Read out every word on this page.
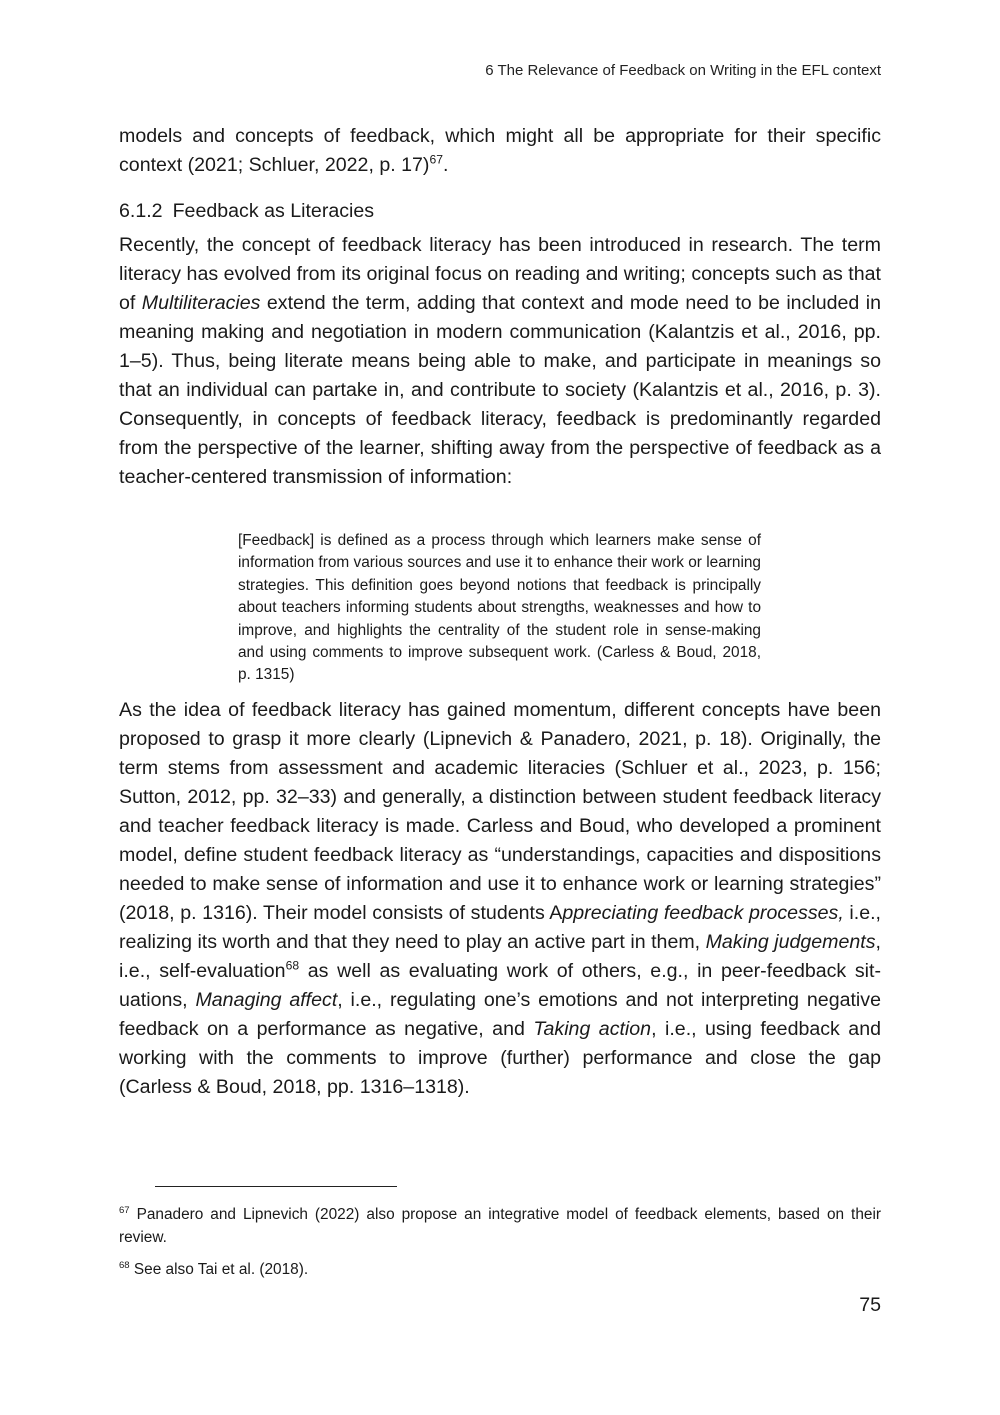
6 The Relevance of Feedback on Writing in the EFL context

models and concepts of feedback, which might all be appropriate for their specific context (2021; Schluer, 2022, p. 17)$^{67}$.

6.1.2 Feedback as Literacies

Recently, the concept of feedback literacy has been introduced in research. The term literacy has evolved from its original focus on reading and writing; concepts such as that of Multiliteracies extend the term, adding that context and mode need to be included in meaning making and negotiation in modern communication (Kalantzis et al., 2016, pp. 1–5). Thus, being literate means being able to make, and participate in meanings so that an individual can partake in, and contribute to society (Kalantzis et al., 2016, p. 3). Consequently, in concepts of feedback literacy, feedback is predominantly regarded from the perspective of the learner, shifting away from the perspective of feedback as a teacher-centered transmission of information:

[Feedback] is defined as a process through which learners make sense of information from various sources and use it to enhance their work or learning strategies. This definition goes beyond notions that feedback is principally about teachers informing students about strengths, weaknesses and how to improve, and highlights the centrality of the student role in sense-making and using comments to improve subsequent work. (Carless & Boud, 2018, p. 1315)

As the idea of feedback literacy has gained momentum, different concepts have been proposed to grasp it more clearly (Lipnevich & Panadero, 2021, p. 18). Originally, the term stems from assessment and academic literacies (Schluer et al., 2023, p. 156; Sutton, 2012, pp. 32–33) and generally, a distinction between student feedback literacy and teacher feedback literacy is made. Carless and Boud, who developed a prominent model, define student feedback literacy as “understandings, capacities and dispositions needed to make sense of information and use it to enhance work or learning strategies” (2018, p. 1316). Their model consists of students Appreciating feedback processes, i.e., realizing its worth and that they need to play an active part in them, Making judgements, i.e., self-evaluation$^{68}$ as well as evaluating work of others, e.g., in peer-feedback situations, Managing affect, i.e., regulating one’s emotions and not interpreting negative feedback on a performance as negative, and Taking action, i.e., using feedback and working with the comments to improve (further) performance and close the gap (Carless & Boud, 2018, pp. 1316–1318).

$^{67}$ Panadero and Lipnevich (2022) also propose an integrative model of feedback elements, based on their review.

$^{68}$ See also Tai et al. (2018).

75
